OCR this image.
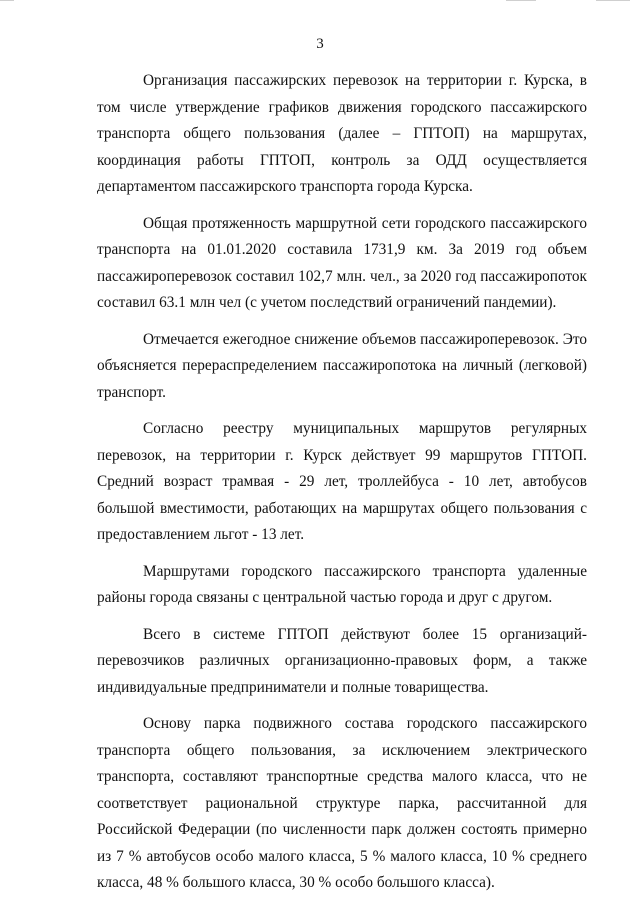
3

Организация пассажирских перевозок на территории г. Курска, в том числе утверждение графиков движения городского пассажирского транспорта общего пользования (далее – ГПТОП) на маршрутах, координация работы ГПТОП, контроль за ОДД осуществляется департаментом пассажирского транспорта города Курска.

Общая протяженность маршрутной сети городского пассажирского транспорта на 01.01.2020 составила 1731,9 км. За 2019 год объем пассажироперевозок составил 102,7 млн. чел., за 2020 год пассажиропоток составил 63.1 млн чел (с учетом последствий ограничений пандемии).

Отмечается ежегодное снижение объемов пассажироперевозок. Это объясняется перераспределением пассажиропотока на личный (легковой) транспорт.

Согласно реестру муниципальных маршрутов регулярных перевозок, на территории г. Курск действует 99 маршрутов ГПТОП. Средний возраст трамвая - 29 лет, троллейбуса - 10 лет, автобусов большой вместимости, работающих на маршрутах общего пользования с предоставлением льгот - 13 лет.

Маршрутами городского пассажирского транспорта удаленные районы города связаны с центральной частью города и друг с другом.

Всего в системе ГПТОП действуют более 15 организаций-перевозчиков различных организационно-правовых форм, а также индивидуальные предприниматели и полные товарищества.

Основу парка подвижного состава городского пассажирского транспорта общего пользования, за исключением электрического транспорта, составляют транспортные средства малого класса, что не соответствует рациональной структуре парка, рассчитанной для Российской Федерации (по численности парк должен состоять примерно из 7 % автобусов особо малого класса, 5 % малого класса, 10 % среднего класса, 48 % большого класса, 30 % особо большого класса).
